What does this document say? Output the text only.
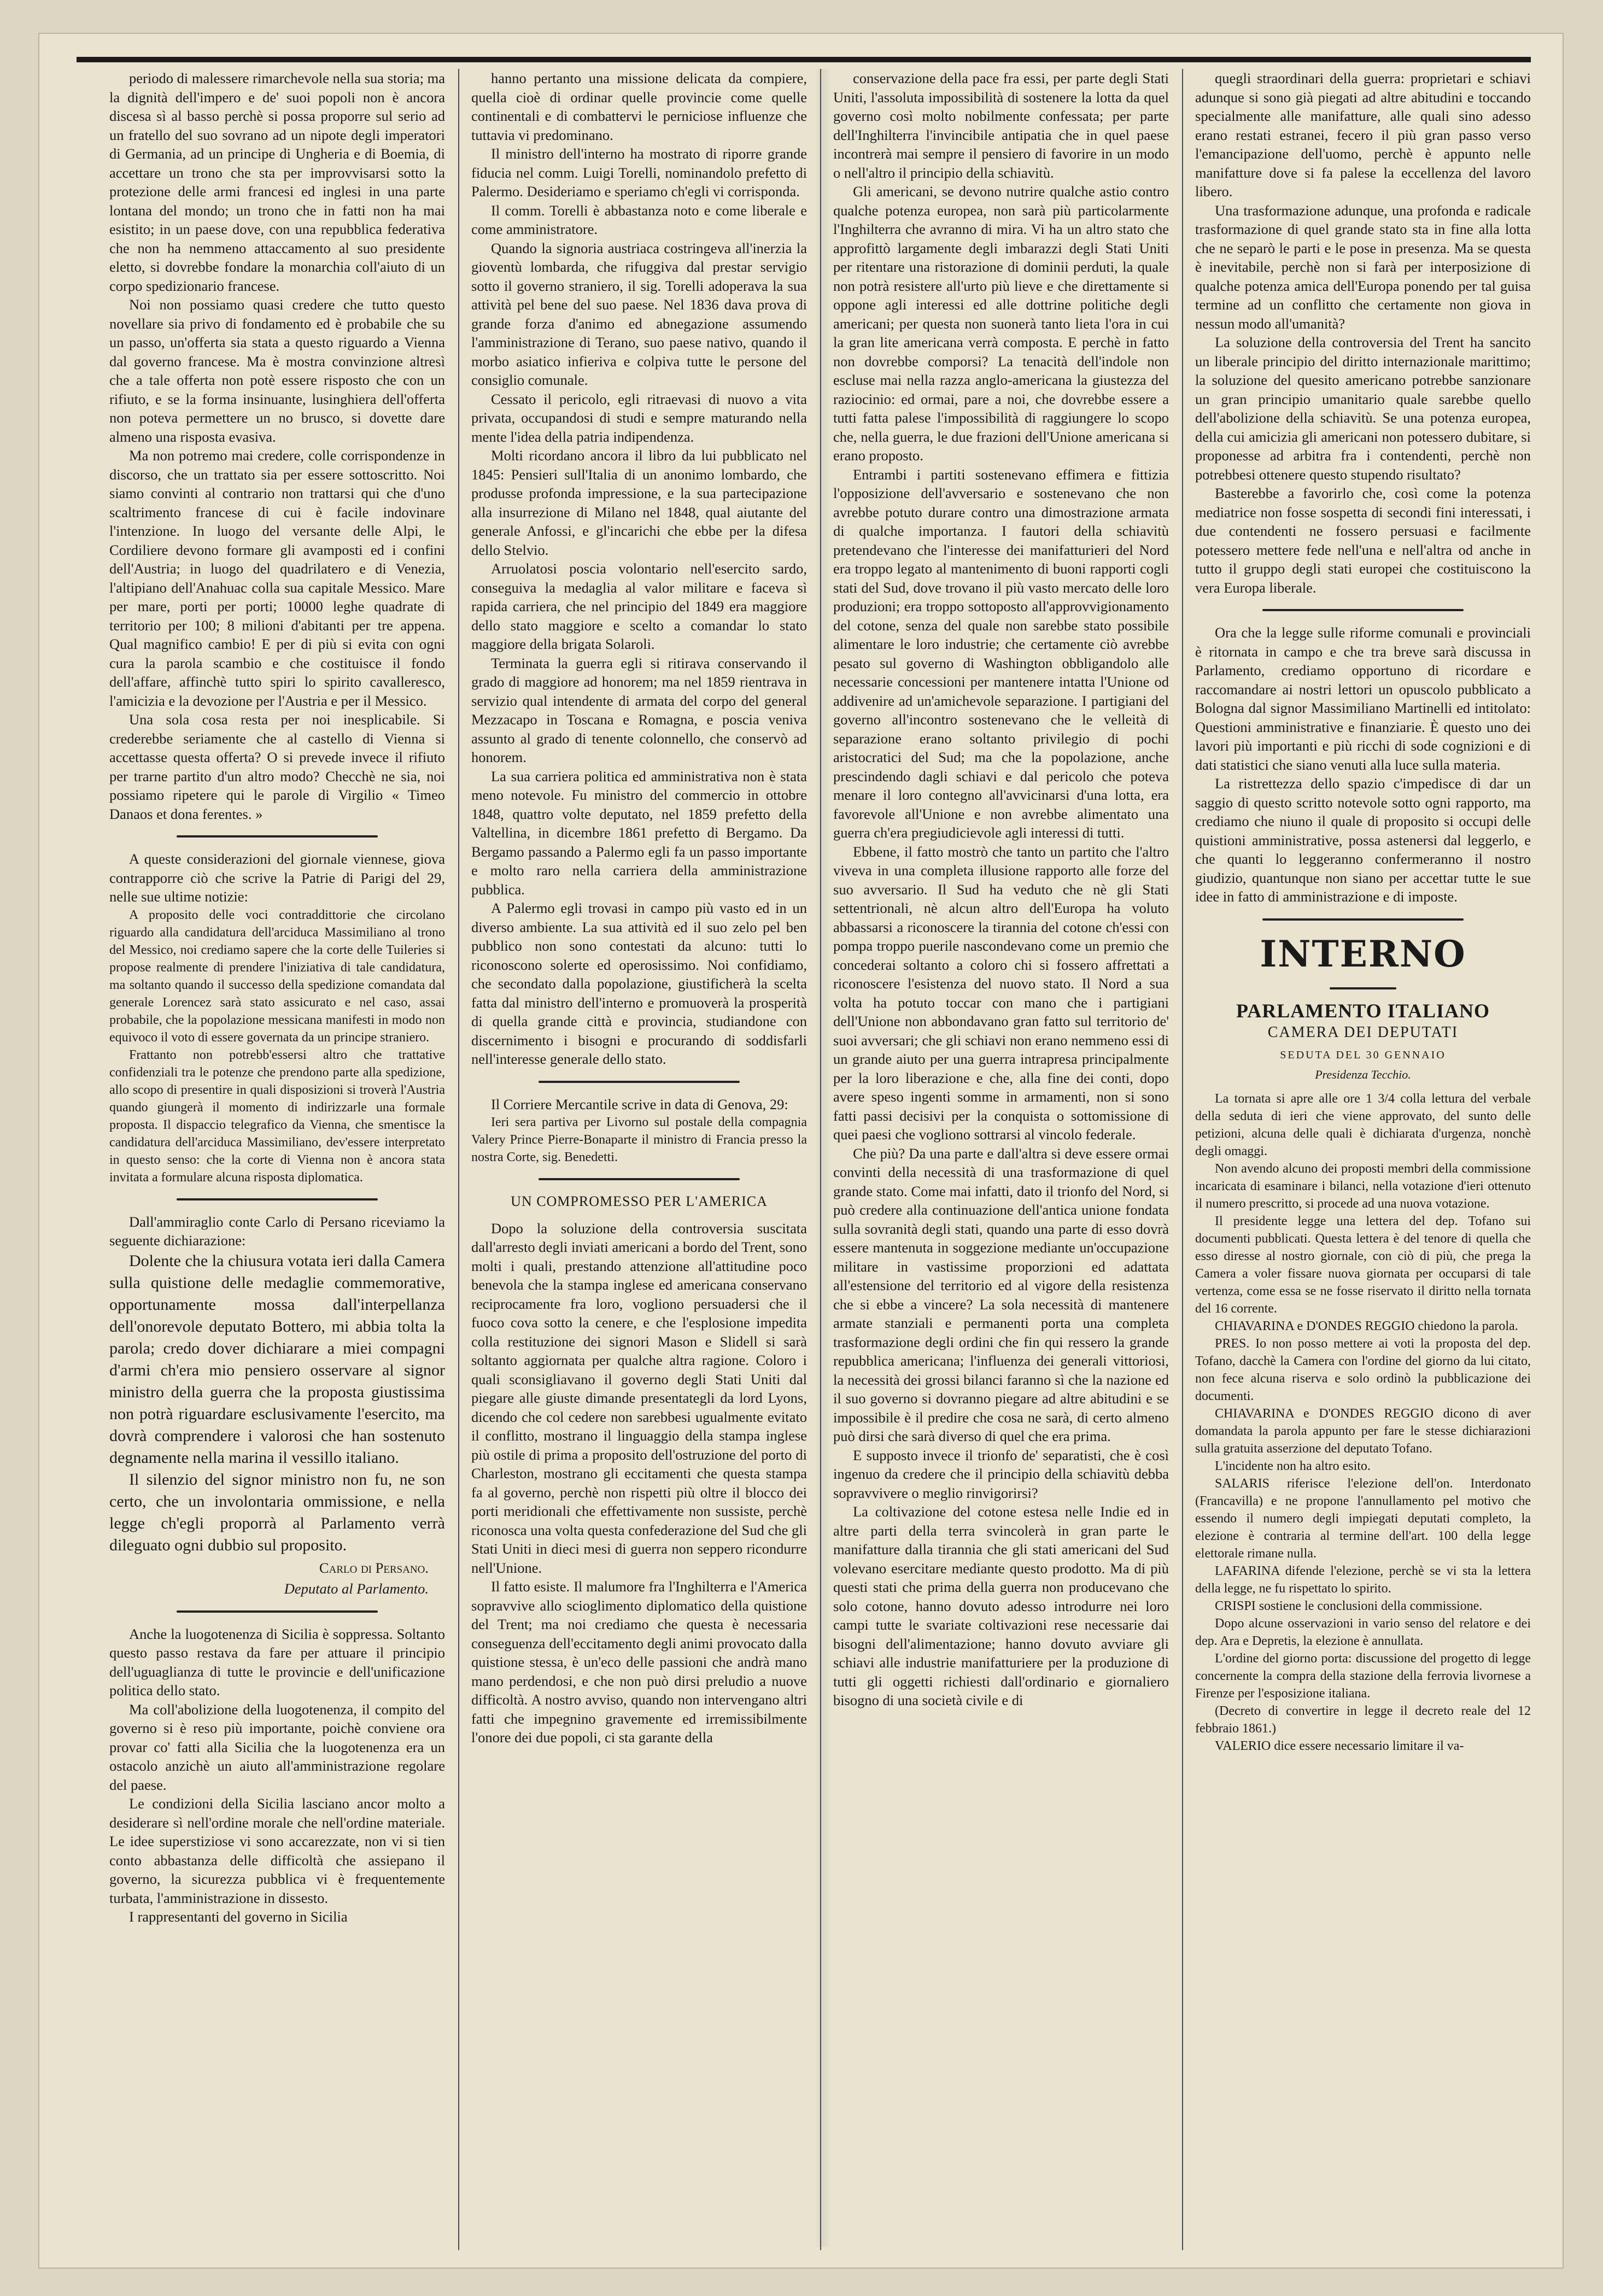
periodo di malessere rimarchevole nella sua storia; ma la dignità dell'impero e de' suoi popoli non è ancora discesa sì al basso perchè si possa proporre sul serio ad un fratello del suo sovrano ad un nipote degli imperatori di Germania, ad un principe di Ungheria e di Boemia, di accettare un trono che sta per improvvisarsi sotto la protezione delle armi francesi ed inglesi in una parte lontana del mondo; un trono che in fatti non ha mai esistito; in un paese dove, con una repubblica federativa che non ha nemmeno attaccamento al suo presidente eletto, si dovrebbe fondare la monarchia coll'aiuto di un corpo spedizionario francese.

Noi non possiamo quasi credere che tutto questo novellare sia privo di fondamento ed è probabile che su un passo, un'offerta sia stata a questo riguardo a Vienna dal governo francese. Ma è mostra convinzione altresì che a tale offerta non potè essere risposto che con un rifiuto, e se la forma insinuante, lusinghiera dell'offerta non poteva permettere un no brusco, si dovette dare almeno una risposta evasiva.

Ma non potremo mai credere, colle corrispondenze in discorso, che un trattato sia per essere sottoscritto. Noi siamo convinti al contrario non trattarsi qui che d'uno scaltrimento francese di cui è facile indovinare l'intenzione. In luogo del versante delle Alpi, le Cordiliere devono formare gli avamposti ed i confini dell'Austria; in luogo del quadrilatero e di Venezia, l'altipiano dell'Anahuac colla sua capitale Messico. Mare per mare, porti per porti; 10000 leghe quadrate di territorio per 100; 8 milioni d'abitanti per tre appena. Qual magnifico cambio! E per di più si evita con ogni cura la parola scambio e che costituisce il fondo dell'affare, affinchè tutto spiri lo spirito cavalleresco, l'amicizia e la devozione per l'Austria e per il Messico.

Una sola cosa resta per noi inesplicabile. Si crederebbe seriamente che al castello di Vienna si accettasse questa offerta? O si prevede invece il rifiuto per trarne partito d'un altro modo? Checchè ne sia, noi possiamo ripetere qui le parole di Virgilio « Timeo Danaos et dona ferentes. »

A queste considerazioni del giornale viennese, giova contrapporre ciò che scrive la Patrie di Parigi del 29, nelle sue ultime notizie:

A proposito delle voci contraddittorie che circolano riguardo alla candidatura dell'arciduca Massimiliano al trono del Messico, noi crediamo sapere che la corte delle Tuileries si propose realmente di prendere l'iniziativa di tale candidatura, ma soltanto quando il successo della spedizione comandata dal generale Lorencez sarà stato assicurato e nel caso, assai probabile, che la popolazione messicana manifesti in modo non equivoco il voto di essere governata da un principe straniero.

Frattanto non potrebb'essersi altro che trattative confidenziali tra le potenze che prendono parte alla spedizione, allo scopo di presentire in quali disposizioni si troverà l'Austria quando giungerà il momento di indirizzarle una formale proposta. Il dispaccio telegrafico da Vienna, che smentisce la candidatura dell'arciduca Massimiliano, dev'essere interpretato in questo senso: che la corte di Vienna non è ancora stata invitata a formulare alcuna risposta diplomatica.

Dall'ammiraglio conte Carlo di Persano riceviamo la seguente dichiarazione:

Dolente che la chiusura votata ieri dalla Camera sulla quistione delle medaglie commemorative, opportunamente mossa dall'interpellanza dell'onorevole deputato Bottero, mi abbia tolta la parola; credo dover dichiarare a miei compagni d'armi ch'era mio pensiero osservare al signor ministro della guerra che la proposta giustissima non potrà riguardare esclusivamente l'esercito, ma dovrà comprendere i valorosi che han sostenuto degnamente nella marina il vessillo italiano.

Il silenzio del signor ministro non fu, ne son certo, che un involontaria ommissione, e nella legge ch'egli proporrà al Parlamento verrà dileguato ogni dubbio sul proposito.

Carlo di Persano.
Deputato al Parlamento.

Anche la luogotenenza di Sicilia è soppressa. Soltanto questo passo restava da fare per attuare il principio dell'uguaglianza di tutte le provincie e dell'unificazione politica dello stato.

Ma coll'abolizione della luogotenenza, il compito del governo si è reso più importante, poichè conviene ora provar co' fatti alla Sicilia che la luogotenenza era un ostacolo anzichè un aiuto all'amministrazione regolare del paese.

Le condizioni della Sicilia lasciano ancor molto a desiderare sì nell'ordine morale che nell'ordine materiale. Le idee superstiziose vi sono accarezzate, non vi si tien conto abbastanza delle difficoltà che assiepano il governo, la sicurezza pubblica vi è frequentemente turbata, l'amministrazione in dissesto.

I rappresentanti del governo in Sicilia

hanno pertanto una missione delicata da compiere, quella cioè di ordinar quelle provincie come quelle continentali e di combattervi le perniciose influenze che tuttavia vi predominano.

Il ministro dell'interno ha mostrato di riporre grande fiducia nel comm. Luigi Torelli, nominandolo prefetto di Palermo. Desideriamo e speriamo ch'egli vi corrisponda.

Il comm. Torelli è abbastanza noto e come liberale e come amministratore.

Quando la signoria austriaca costringeva all'inerzia la gioventù lombarda, che rifuggiva dal prestar servigio sotto il governo straniero, il sig. Torelli adoperava la sua attività pel bene del suo paese. Nel 1836 dava prova di grande forza d'animo ed abnegazione assumendo l'amministrazione di Terano, suo paese nativo, quando il morbo asiatico infieriva e colpiva tutte le persone del consiglio comunale.

Cessato il pericolo, egli ritraevasi di nuovo a vita privata, occupandosi di studi e sempre maturando nella mente l'idea della patria indipendenza.

Molti ricordano ancora il libro da lui pubblicato nel 1845: Pensieri sull'Italia di un anonimo lombardo, che produsse profonda impressione, e la sua partecipazione alla insurrezione di Milano nel 1848, qual aiutante del generale Anfossi, e gl'incarichi che ebbe per la difesa dello Stelvio.

Arruolatosi poscia volontario nell'esercito sardo, conseguiva la medaglia al valor militare e faceva sì rapida carriera, che nel principio del 1849 era maggiore dello stato maggiore e scelto a comandar lo stato maggiore della brigata Solaroli.

Terminata la guerra egli si ritirava conservando il grado di maggiore ad honorem; ma nel 1859 rientrava in servizio qual intendente di armata del corpo del general Mezzacapo in Toscana e Romagna, e poscia veniva assunto al grado di tenente colonnello, che conservò ad honorem.

La sua carriera politica ed amministrativa non è stata meno notevole. Fu ministro del commercio in ottobre 1848, quattro volte deputato, nel 1859 prefetto della Valtellina, in dicembre 1861 prefetto di Bergamo. Da Bergamo passando a Palermo egli fa un passo importante e molto raro nella carriera della amministrazione pubblica.

A Palermo egli trovasi in campo più vasto ed in un diverso ambiente. La sua attività ed il suo zelo pel ben pubblico non sono contestati da alcuno: tutti lo riconoscono solerte ed operosissimo. Noi confidiamo, che secondato dalla popolazione, giustificherà la scelta fatta dal ministro dell'interno e promuoverà la prosperità di quella grande città e provincia, studiandone con discernimento i bisogni e procurando di soddisfarli nell'interesse generale dello stato.

Il Corriere Mercantile scrive in data di Genova, 29:

Ieri sera partiva per Livorno sul postale della compagnia Valery Prince Pierre-Bonaparte il ministro di Francia presso la nostra Corte, sig. Benedetti.

UN COMPROMESSO PER L'AMERICA

Dopo la soluzione della controversia suscitata dall'arresto degli inviati americani a bordo del Trent, sono molti i quali, prestando attenzione all'attitudine poco benevola che la stampa inglese ed americana conservano reciprocamente fra loro, vogliono persuadersi che il fuoco cova sotto la cenere, e che l'esplosione impedita colla restituzione dei signori Mason e Slidell si sarà soltanto aggiornata per qualche altra ragione. Coloro i quali sconsigliavano il governo degli Stati Uniti dal piegare alle giuste dimande presentategli da lord Lyons, dicendo che col cedere non sarebbesi ugualmente evitato il conflitto, mostrano il linguaggio della stampa inglese più ostile di prima a proposito dell'ostruzione del porto di Charleston, mostrano gli eccitamenti che questa stampa fa al governo, perchè non rispetti più oltre il blocco dei porti meridionali che effettivamente non sussiste, perchè riconosca una volta questa confederazione del Sud che gli Stati Uniti in dieci mesi di guerra non seppero ricondurre nell'Unione.

Il fatto esiste. Il malumore fra l'Inghilterra e l'America sopravvive allo scioglimento diplomatico della quistione del Trent; ma noi crediamo che questa è necessaria conseguenza dell'eccitamento degli animi provocato dalla quistione stessa, è un'eco delle passioni che andrà mano mano perdendosi, e che non può dirsi preludio a nuove difficoltà. A nostro avviso, quando non intervengano altri fatti che impegnino gravemente ed irremissibilmente l'onore dei due popoli, ci sta garante della

conservazione della pace fra essi, per parte degli Stati Uniti, l'assoluta impossibilità di sostenere la lotta da quel governo così molto nobilmente confessata; per parte dell'Inghilterra l'invincibile antipatia che in quel paese incontrerà mai sempre il pensiero di favorire in un modo o nell'altro il principio della schiavitù.

Gli americani, se devono nutrire qualche astio contro qualche potenza europea, non sarà più particolarmente l'Inghilterra che avranno di mira. Vi ha un altro stato che approfittò largamente degli imbarazzi degli Stati Uniti per ritentare una ristorazione di dominii perduti, la quale non potrà resistere all'urto più lieve e che direttamente si oppone agli interessi ed alle dottrine politiche degli americani; per questa non suonerà tanto lieta l'ora in cui la gran lite americana verrà composta. E perchè in fatto non dovrebbe comporsi? La tenacità dell'indole non escluse mai nella razza anglo-americana la giustezza del raziocinio: ed ormai, pare a noi, che dovrebbe essere a tutti fatta palese l'impossibilità di raggiungere lo scopo che, nella guerra, le due frazioni dell'Unione americana si erano proposto.

Entrambi i partiti sostenevano effimera e fittizia l'opposizione dell'avversario e sostenevano che non avrebbe potuto durare contro una dimostrazione armata di qualche importanza. I fautori della schiavitù pretendevano che l'interesse dei manifatturieri del Nord era troppo legato al mantenimento di buoni rapporti cogli stati del Sud, dove trovano il più vasto mercato delle loro produzioni; era troppo sottoposto all'approvvigionamento del cotone, senza del quale non sarebbe stato possibile alimentare le loro industrie; che certamente ciò avrebbe pesato sul governo di Washington obbligandolo alle necessarie concessioni per mantenere intatta l'Unione od addivenire ad un'amichevole separazione. I partigiani del governo all'incontro sostenevano che le velleità di separazione erano soltanto privilegio di pochi aristocratici del Sud; ma che la popolazione, anche prescindendo dagli schiavi e dal pericolo che poteva menare il loro contegno all'avvicinarsi d'una lotta, era favorevole all'Unione e non avrebbe alimentato una guerra ch'era pregiudicievole agli interessi di tutti.

Ebbene, il fatto mostrò che tanto un partito che l'altro viveva in una completa illusione rapporto alle forze del suo avversario. Il Sud ha veduto che nè gli Stati settentrionali, nè alcun altro dell'Europa ha voluto abbassarsi a riconoscere la tirannia del cotone ch'essi con pompa troppo puerile nascondevano come un premio che concederai soltanto a coloro chi si fossero affrettati a riconoscere l'esistenza del nuovo stato. Il Nord a sua volta ha potuto toccar con mano che i partigiani dell'Unione non abbondavano gran fatto sul territorio de' suoi avversari; che gli schiavi non erano nemmeno essi di un grande aiuto per una guerra intrapresa principalmente per la loro liberazione e che, alla fine dei conti, dopo avere speso ingenti somme in armamenti, non si sono fatti passi decisivi per la conquista o sottomissione di quei paesi che vogliono sottrarsi al vincolo federale.

Che più? Da una parte e dall'altra si deve essere ormai convinti della necessità di una trasformazione di quel grande stato. Come mai infatti, dato il trionfo del Nord, si può credere alla continuazione dell'antica unione fondata sulla sovranità degli stati, quando una parte di esso dovrà essere mantenuta in soggezione mediante un'occupazione militare in vastissime proporzioni ed adattata all'estensione del territorio ed al vigore della resistenza che si ebbe a vincere? La sola necessità di mantenere armate stanziali e permanenti porta una completa trasformazione degli ordini che fin qui ressero la grande repubblica americana; l'influenza dei generali vittoriosi, la necessità dei grossi bilanci faranno sì che la nazione ed il suo governo si dovranno piegare ad altre abitudini e se impossibile è il predire che cosa ne sarà, di certo almeno può dirsi che sarà diverso di quel che era prima.

E supposto invece il trionfo de' separatisti, che è così ingenuo da credere che il principio della schiavitù debba sopravvivere o meglio rinvigorirsi?

La coltivazione del cotone estesa nelle Indie ed in altre parti della terra svincolerà in gran parte le manifatture dalla tirannia che gli stati americani del Sud volevano esercitare mediante questo prodotto. Ma di più questi stati che prima della guerra non producevano che solo cotone, hanno dovuto adesso introdurre nei loro campi tutte le svariate coltivazioni rese necessarie dai bisogni dell'alimentazione; hanno dovuto avviare gli schiavi alle industrie manifatturiere per la produzione di tutti gli oggetti richiesti dall'ordinario e giornaliero bisogno di una società civile e di

quegli straordinari della guerra: proprietari e schiavi adunque si sono già piegati ad altre abitudini e toccando specialmente alle manifatture, alle quali sino adesso erano restati estranei, fecero il più gran passo verso l'emancipazione dell'uomo, perchè è appunto nelle manifatture dove si fa palese la eccellenza del lavoro libero.

Una trasformazione adunque, una profonda e radicale trasformazione di quel grande stato sta in fine alla lotta che ne separò le parti e le pose in presenza. Ma se questa è inevitabile, perchè non si farà per interposizione di qualche potenza amica dell'Europa ponendo per tal guisa termine ad un conflitto che certamente non giova in nessun modo all'umanità?

La soluzione della controversia del Trent ha sancito un liberale principio del diritto internazionale marittimo; la soluzione del quesito americano potrebbe sanzionare un gran principio umanitario quale sarebbe quello dell'abolizione della schiavitù. Se una potenza europea, della cui amicizia gli americani non potessero dubitare, si proponesse ad arbitra fra i contendenti, perchè non potrebbesi ottenere questo stupendo risultato?

Basterebbe a favorirlo che, così come la potenza mediatrice non fosse sospetta di secondi fini interessati, i due contendenti ne fossero persuasi e facilmente potessero mettere fede nell'una e nell'altra od anche in tutto il gruppo degli stati europei che costituiscono la vera Europa liberale.

Ora che la legge sulle riforme comunali e provinciali è ritornata in campo e che tra breve sarà discussa in Parlamento, crediamo opportuno di ricordare e raccomandare ai nostri lettori un opuscolo pubblicato a Bologna dal signor Massimiliano Martinelli ed intitolato: Questioni amministrative e finanziarie. È questo uno dei lavori più importanti e più ricchi di sode cognizioni e di dati statistici che siano venuti alla luce sulla materia.

La ristrettezza dello spazio c'impedisce di dar un saggio di questo scritto notevole sotto ogni rapporto, ma crediamo che niuno il quale di proposito si occupi delle quistioni amministrative, possa astenersi dal leggerlo, e che quanti lo leggeranno confermeranno il nostro giudizio, quantunque non siano per accettar tutte le sue idee in fatto di amministrazione e di imposte.

INTERNO
PARLAMENTO ITALIANO
CAMERA DEI DEPUTATI
SEDUTA DEL 30 GENNAIO
Presidenza Tecchio.

La tornata si apre alle ore 1 3/4 colla lettura del verbale della seduta di ieri che viene approvato, del sunto delle petizioni, alcuna delle quali è dichiarata d'urgenza, nonchè degli omaggi.

Non avendo alcuno dei proposti membri della commissione incaricata di esaminare i bilanci, nella votazione d'ieri ottenuto il numero prescritto, si procede ad una nuova votazione.

Il presidente legge una lettera del dep. Tofano sui documenti pubblicati. Questa lettera è del tenore di quella che esso diresse al nostro giornale, con ciò di più, che prega la Camera a voler fissare nuova giornata per occuparsi di tale vertenza, come essa se ne fosse riservato il diritto nella tornata del 16 corrente.

CHIAVARINA e D'ONDES REGGIO chiedono la parola.

PRES. Io non posso mettere ai voti la proposta del dep. Tofano, dacchè la Camera con l'ordine del giorno da lui citato, non fece alcuna riserva e solo ordinò la pubblicazione dei documenti.

CHIAVARINA e D'ONDES REGGIO dicono di aver domandata la parola appunto per fare le stesse dichiarazioni sulla gratuita asserzione del deputato Tofano.

L'incidente non ha altro esito.

SALARIS riferisce l'elezione dell'on. Interdonato (Francavilla) e ne propone l'annullamento pel motivo che essendo il numero degli impiegati deputati completo, la elezione è contraria al termine dell'art. 100 della legge elettorale rimane nulla.

LAFARINA difende l'elezione, perchè se vi sta la lettera della legge, ne fu rispettato lo spirito.

CRISPI sostiene le conclusioni della commissione.

Dopo alcune osservazioni in vario senso del relatore e dei dep. Ara e Depretis, la elezione è annullata.

L'ordine del giorno porta: discussione del progetto di legge concernente la compra della stazione della ferrovia livornese a Firenze per l'esposizione italiana.

(Decreto di convertire in legge il decreto reale del 12 febbraio 1861.)

VALERIO dice essere necessario limitare il va-
